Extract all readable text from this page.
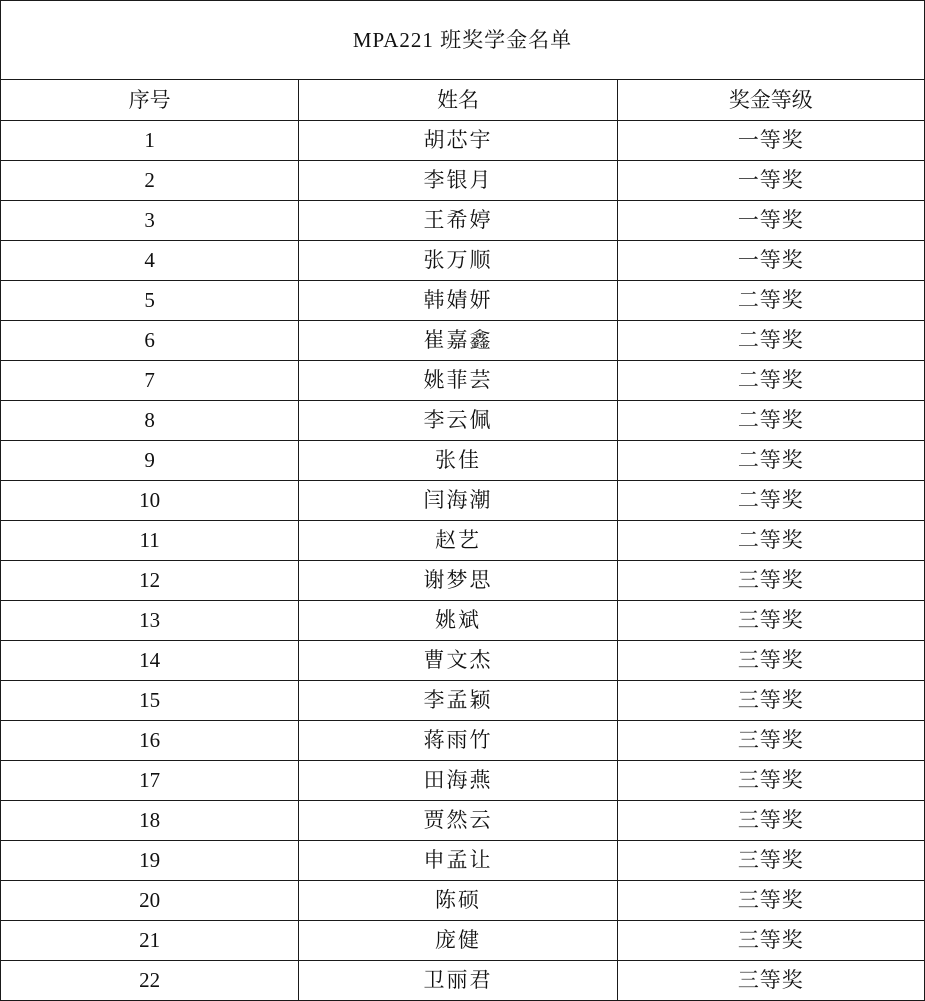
MPA221 班奖学金名单		
序号	姓名	奖金等级
1	胡芯宇	一等奖
2	李银月	一等奖
3	王希婷	一等奖
4	张万顺	一等奖
5	韩婧妍	二等奖
6	崔嘉鑫	二等奖
7	姚菲芸	二等奖
8	李云佩	二等奖
9	张佳	二等奖
10	闫海潮	二等奖
11	赵艺	二等奖
12	谢梦思	三等奖
13	姚斌	三等奖
14	曹文杰	三等奖
15	李孟颖	三等奖
16	蒋雨竹	三等奖
17	田海燕	三等奖
18	贾然云	三等奖
19	申孟让	三等奖
20	陈硕	三等奖
21	庞健	三等奖
22	卫丽君	三等奖
